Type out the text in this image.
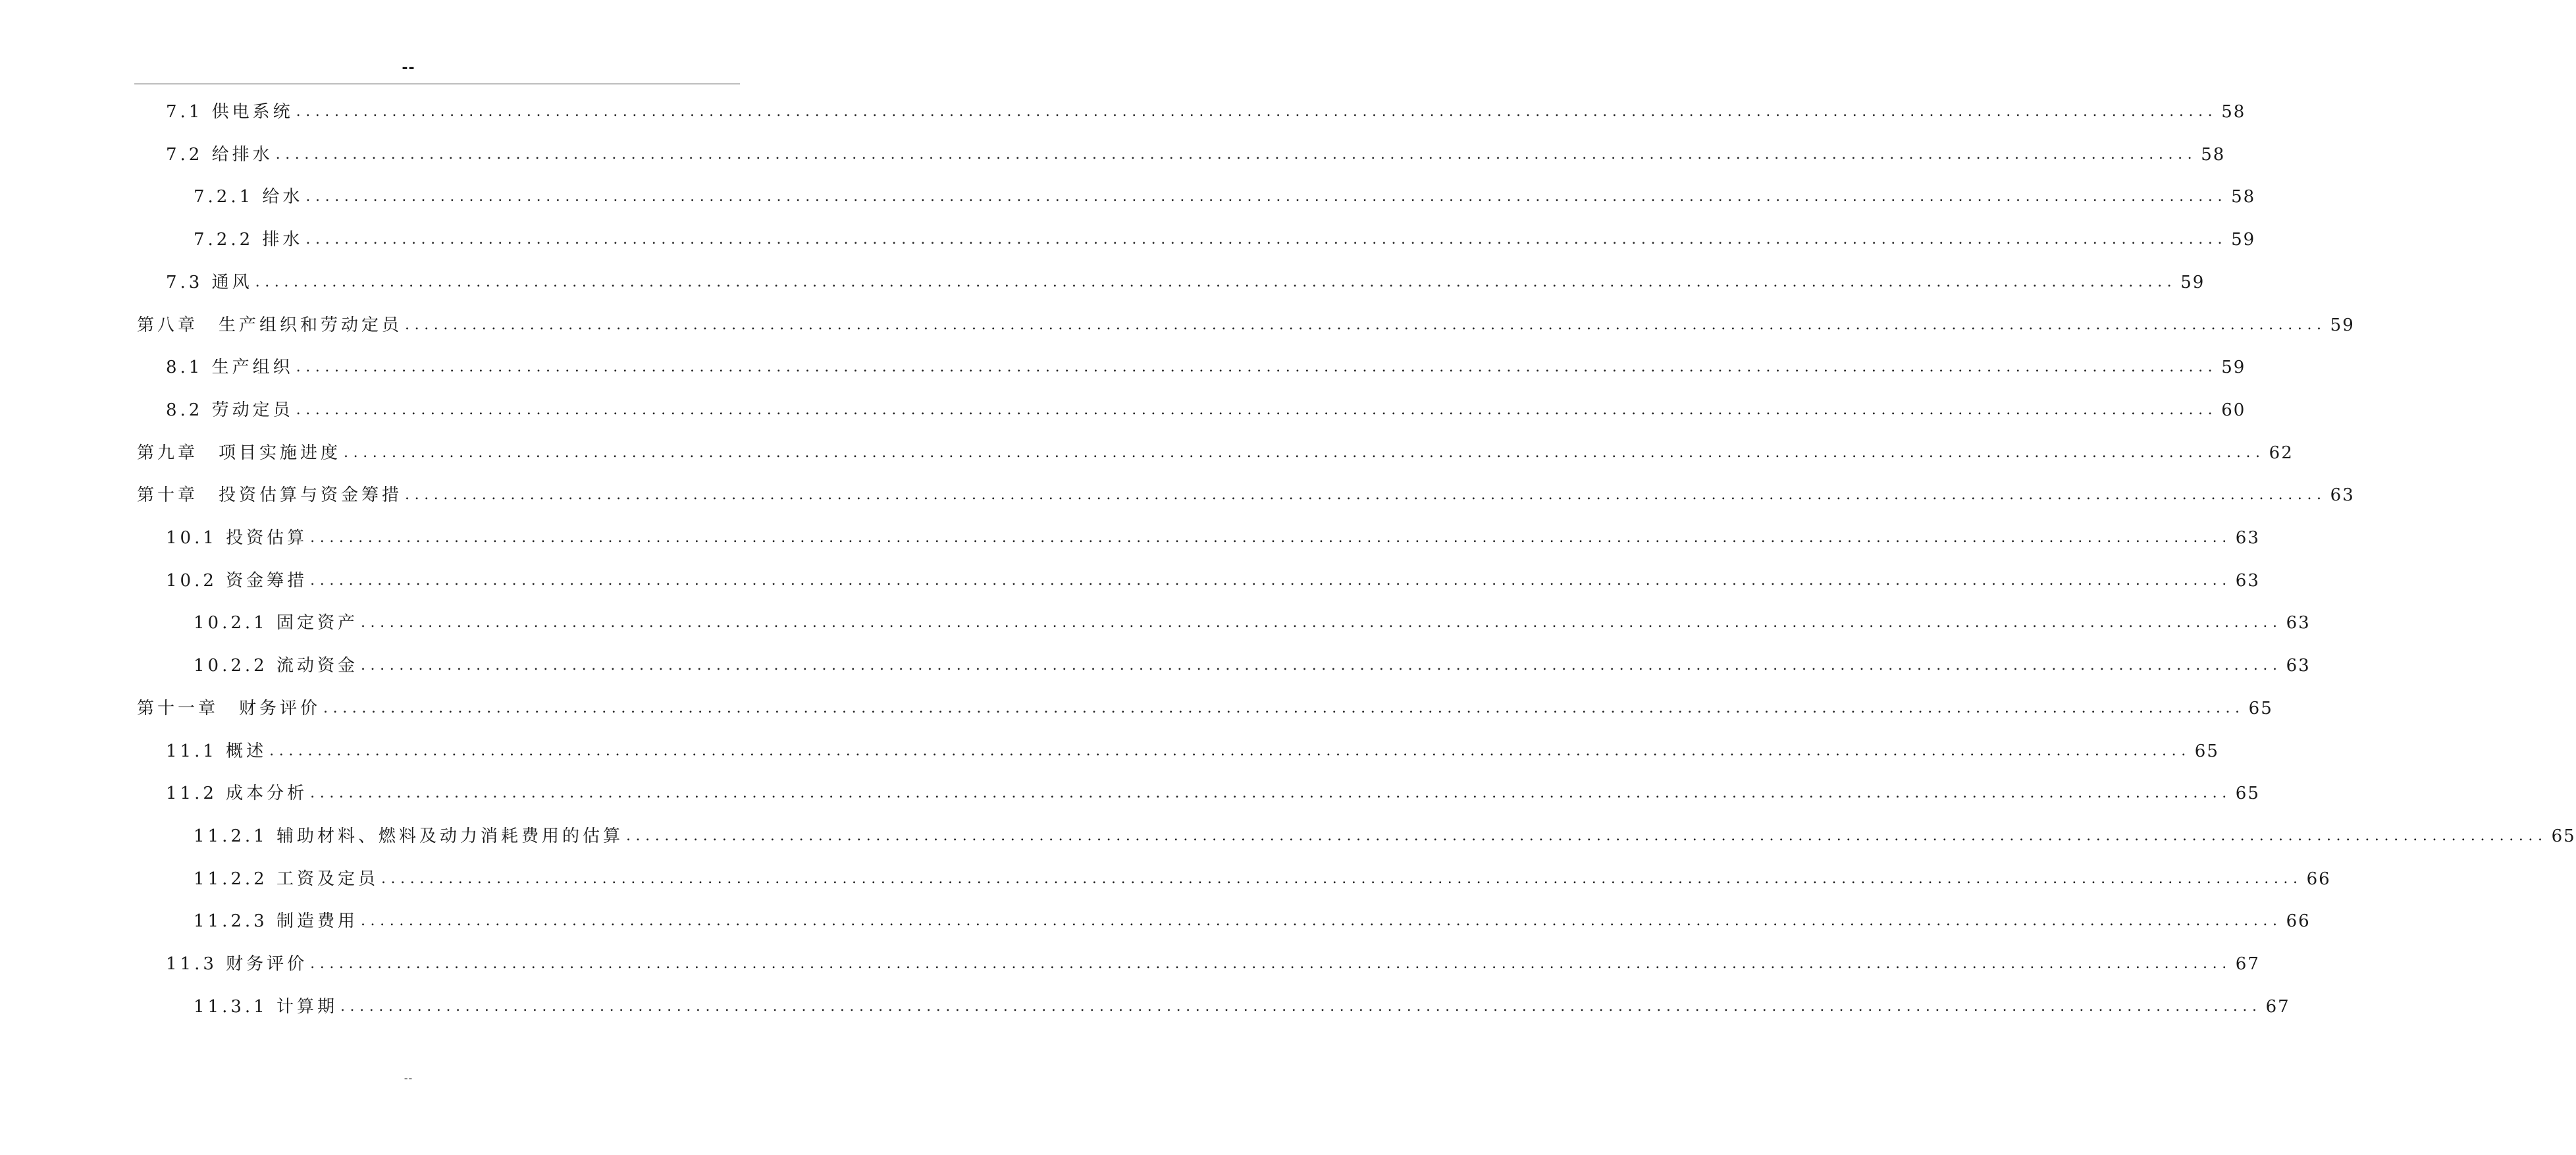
--
7.1 供电系统 ........................................................................................................................................................................................................ 58
7.2 给排水 ........................................................................................................................................................................................................ 58
7.2.1 给水 ........................................................................................................................................................................................................ 58
7.2.2 排水 ........................................................................................................................................................................................................ 59
7.3 通风 ........................................................................................................................................................................................................ 59
第八章　生产组织和劳动定员 ........................................................................................................................................................................................................ 59
8.1 生产组织 ........................................................................................................................................................................................................ 59
8.2 劳动定员 ........................................................................................................................................................................................................ 60
第九章　项目实施进度 ........................................................................................................................................................................................................ 62
第十章　投资估算与资金筹措 ........................................................................................................................................................................................................ 63
10.1 投资估算 ........................................................................................................................................................................................................ 63
10.2 资金筹措 ........................................................................................................................................................................................................ 63
10.2.1 固定资产 ........................................................................................................................................................................................................ 63
10.2.2 流动资金 ........................................................................................................................................................................................................ 63
第十一章　财务评价 ........................................................................................................................................................................................................ 65
11.1 概述 ........................................................................................................................................................................................................ 65
11.2 成本分析 ........................................................................................................................................................................................................ 65
11.2.1 辅助材料、燃料及动力消耗费用的估算 ........................................................................................................................................................................................................ 65
11.2.2 工资及定员 ........................................................................................................................................................................................................ 66
11.2.3 制造费用 ........................................................................................................................................................................................................ 66
11.3 财务评价 ........................................................................................................................................................................................................ 67
11.3.1 计算期 ........................................................................................................................................................................................................ 67
--
